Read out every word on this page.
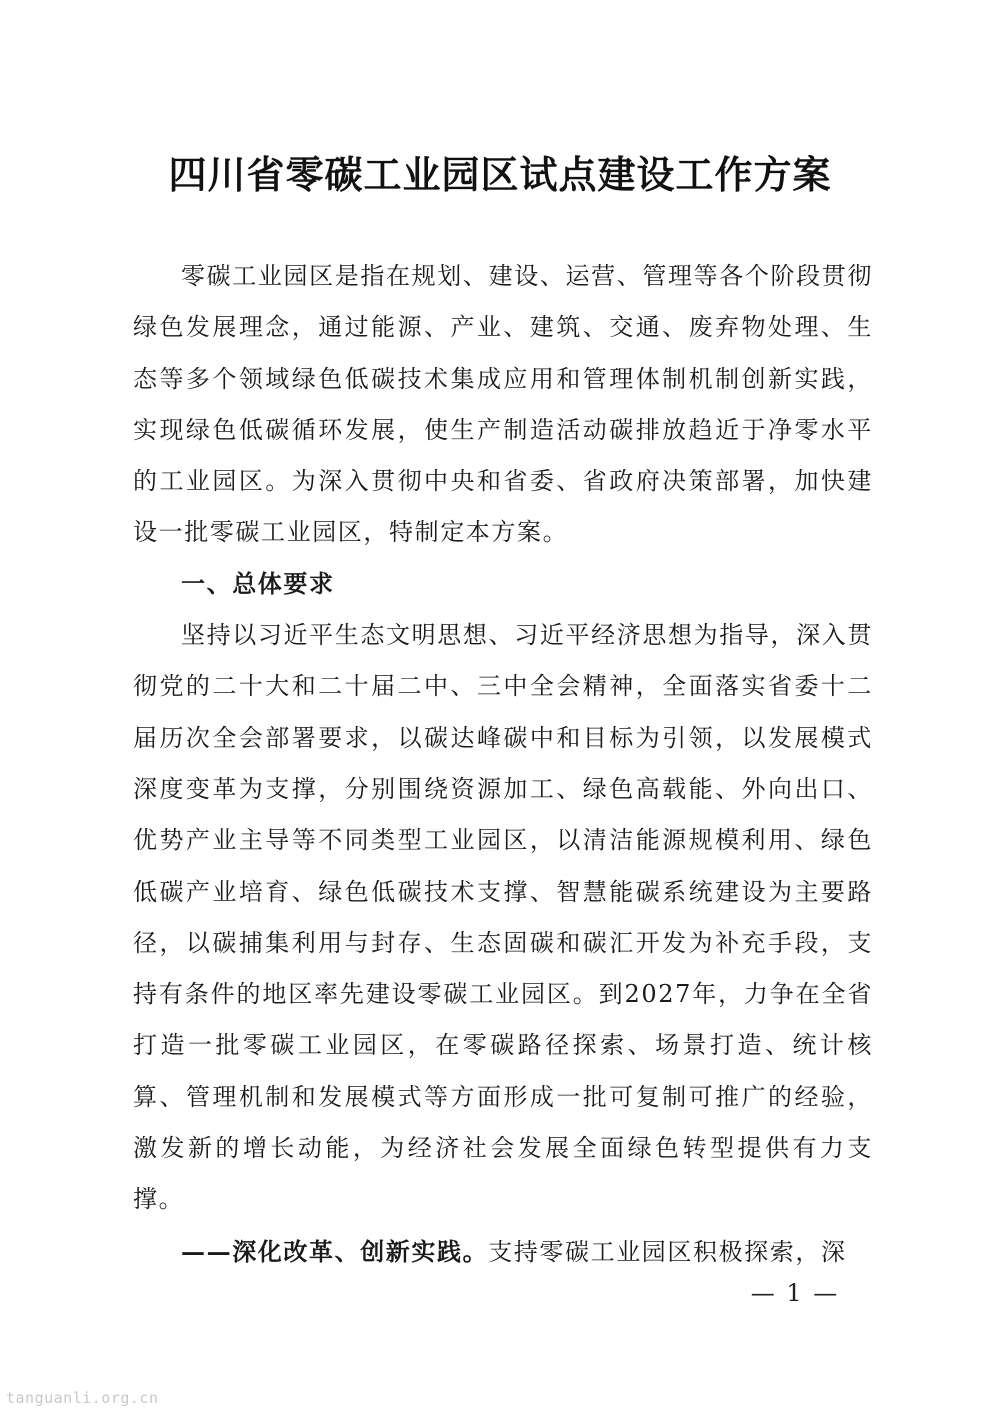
四川省零碳工业园区试点建设工作方案

零碳工业园区是指在规划、建设、运营、管理等各个阶段贯彻绿色发展理念，通过能源、产业、建筑、交通、废弃物处理、生态等多个领域绿色低碳技术集成应用和管理体制机制创新实践，实现绿色低碳循环发展，使生产制造活动碳排放趋近于净零水平的工业园区。为深入贯彻中央和省委、省政府决策部署，加快建设一批零碳工业园区，特制定本方案。

一、总体要求

坚持以习近平生态文明思想、习近平经济思想为指导，深入贯彻党的二十大和二十届二中、三中全会精神，全面落实省委十二届历次全会部署要求，以碳达峰碳中和目标为引领，以发展模式深度变革为支撑，分别围绕资源加工、绿色高载能、外向出口、优势产业主导等不同类型工业园区，以清洁能源规模利用、绿色低碳产业培育、绿色低碳技术支撑、智慧能碳系统建设为主要路径，以碳捕集利用与封存、生态固碳和碳汇开发为补充手段，支持有条件的地区率先建设零碳工业园区。到2027年，力争在全省打造一批零碳工业园区，在零碳路径探索、场景打造、统计核算、管理机制和发展模式等方面形成一批可复制可推广的经验，激发新的增长动能，为经济社会发展全面绿色转型提供有力支撑。

——深化改革、创新实践。支持零碳工业园区积极探索，深

— 1 —
tanguanli.org.cn
